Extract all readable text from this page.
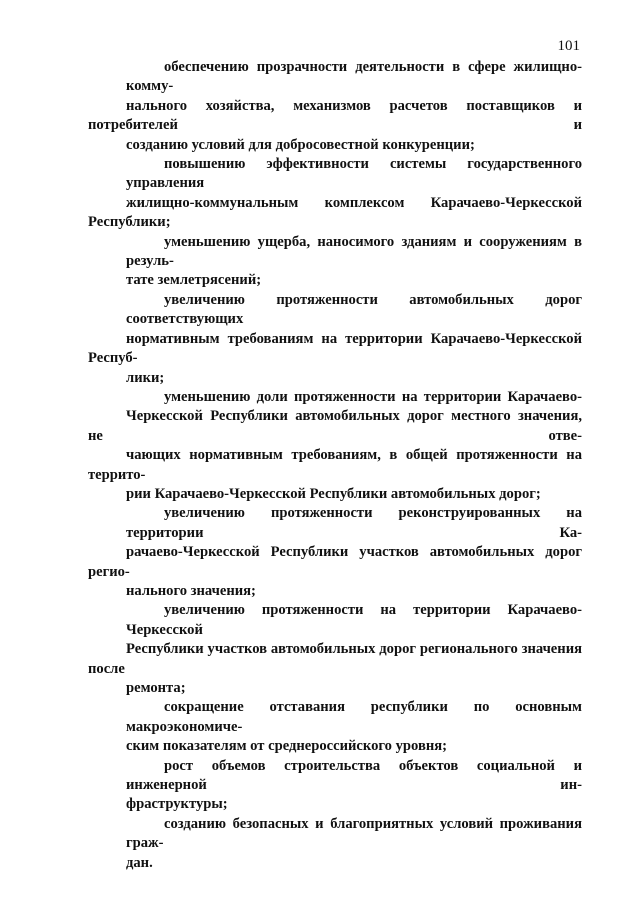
101

обеспечению прозрачности деятельности в сфере жилищно-комму-
нального хозяйства, механизмов расчетов поставщиков и потребителей и
созданию условий для добросовестной конкуренции;

повышению эффективности системы государственного управления
жилищно-коммунальным комплексом Карачаево-Черкесской Республики;

уменьшению ущерба, наносимого зданиям и сооружениям в резуль-
тате землетрясений;

увеличению протяженности автомобильных дорог соответствующих
нормативным требованиям на территории Карачаево-Черкесской Респуб-
лики;

уменьшению доли протяженности на территории Карачаево-
Черкесской Республики автомобильных дорог местного значения, не отве-
чающих нормативным требованиям, в общей протяженности на террито-
рии Карачаево-Черкесской Республики автомобильных дорог;

увеличению протяженности реконструированных на территории Ка-
рачаево-Черкесской Республики участков автомобильных дорог регио-
нального значения;

увеличению протяженности на территории Карачаево-Черкесской
Республики участков автомобильных дорог регионального значения после
ремонта;

сокращение отставания республики по основным макроэкономиче-
ским показателям от среднероссийского уровня;

рост объемов строительства объектов социальной и инженерной ин-
фраструктуры;

созданию безопасных и благоприятных условий проживания граж-
дан.
